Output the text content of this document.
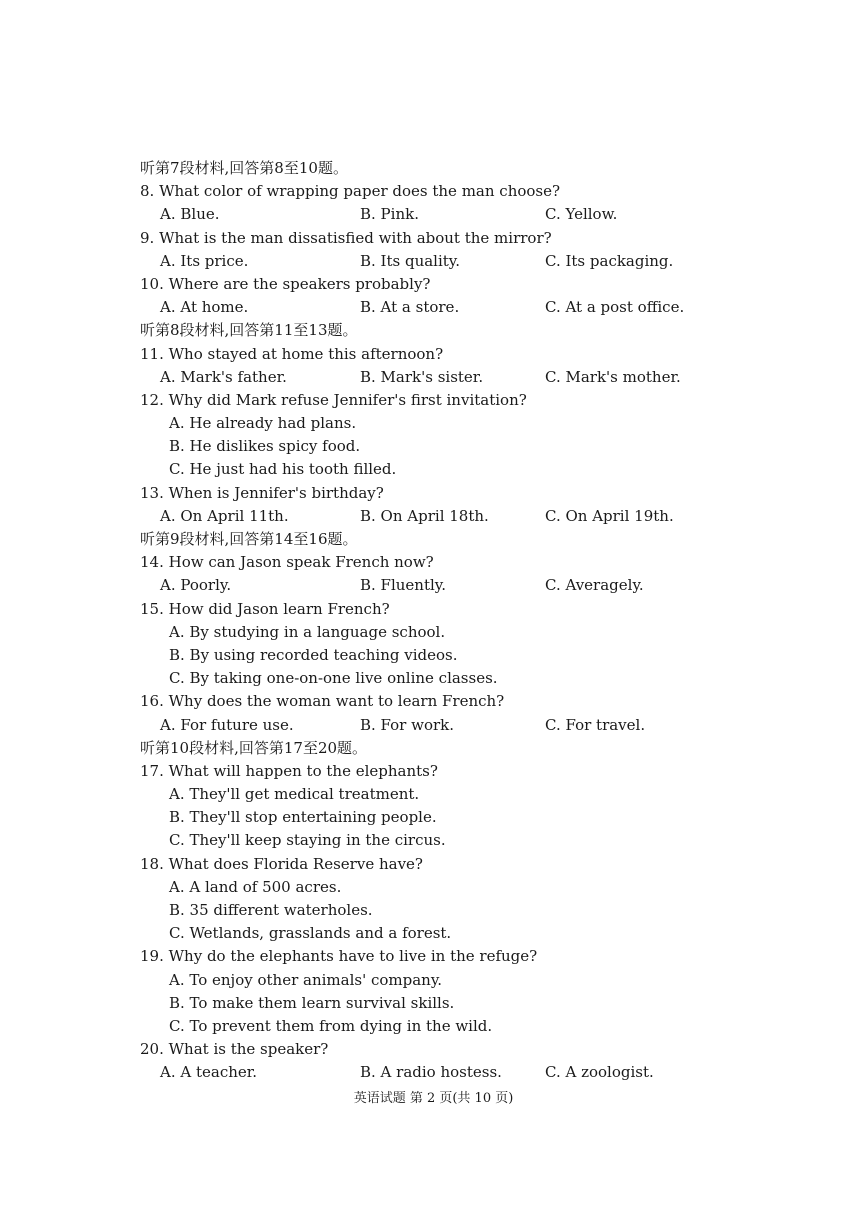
听第7段材料,回答第8至10题。
8. What color of wrapping paper does the man choose?
A. Blue.	B. Pink.	C. Yellow.
9. What is the man dissatisfied with about the mirror?
A. Its price.	B. Its quality.	C. Its packaging.
10. Where are the speakers probably?
A. At home.	B. At a store.	C. At a post office.
听第8段材料,回答第11至13题。
11. Who stayed at home this afternoon?
A. Mark's father.	B. Mark's sister.	C. Mark's mother.
12. Why did Mark refuse Jennifer's first invitation?
A. He already had plans.
B. He dislikes spicy food.
C. He just had his tooth filled.
13. When is Jennifer's birthday?
A. On April 11th.	B. On April 18th.	C. On April 19th.
听第9段材料,回答第14至16题。
14. How can Jason speak French now?
A. Poorly.	B. Fluently.	C. Averagely.
15. How did Jason learn French?
A. By studying in a language school.
B. By using recorded teaching videos.
C. By taking one-on-one live online classes.
16. Why does the woman want to learn French?
A. For future use.	B. For work.	C. For travel.
听第10段材料,回答第17至20题。
17. What will happen to the elephants?
A. They'll get medical treatment.
B. They'll stop entertaining people.
C. They'll keep staying in the circus.
18. What does Florida Reserve have?
A. A land of 500 acres.
B. 35 different waterholes.
C. Wetlands, grasslands and a forest.
19. Why do the elephants have to live in the refuge?
A. To enjoy other animals' company.
B. To make them learn survival skills.
C. To prevent them from dying in the wild.
20. What is the speaker?
A. A teacher.	B. A radio hostess.	C. A zoologist.
英语试题 第 2 页(共 10 页)
